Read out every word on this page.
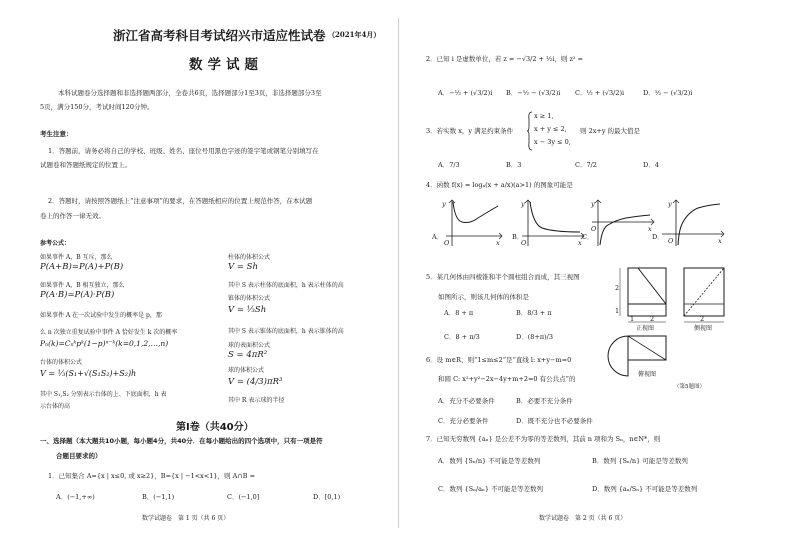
浙江省高考科目考试绍兴市适应性试卷 （2021年4月）
数学试题
本科试题卷分选择题和非选择题两部分，全卷共6页，选择题部分1至3页，非选择题部分3至
5页，满分150分，考试时间120分钟。
考生注意：
1．答题前，请务必将自己的学校、班级、姓名、座位号用黑色字迹的签字笔或钢笔分别填写在
试题卷和答题纸规定的位置上。
2．答题时，请按照答题纸上“注意事项”的要求，在答题纸相应的位置上规范作答，在本试题
卷上的作答一律无效。
参考公式：
如果事件 A，B 互斥，那么
P(A+B)=P(A)+P(B)
如果事件 A，B 相互独立，那么
P(A·B)=P(A)·P(B)
如果事件 A 在一次试验中发生的概率是 p，那
么 n 次独立重复试验中事件 A 恰好发生 k 次的概率
Pₙ(k)=Cₙᵏpᵏ(1−p)ⁿ⁻ᵏ(k=0,1,2,…,n)
台体的体积公式
V = ⅓(S₁+√(S₁S₂)+S₂)h
其中 S₁,S₂ 分别表示台体的上、下底面积，h 表
示台体的高
柱体的体积公式
V = Sh
其中 S 表示柱体的底面积，h 表示柱体的高
锥体的体积公式
V = ⅓Sh
其中 S 表示锥体的底面积，h 表示锥体的高
球的表面积公式
S = 4πR²
球的体积公式
V = (4/3)πR³
其中 R 表示球的半径
第Ⅰ卷（共40分）
一、选择题（本大题共10小题，每小题4分，共40分．在每小题给出的四个选项中，只有一项是符
合题目要求的）
1．已知集合 A={x | x≤0, 或 x≥2}，B={x | −1<x<1}，则 A∩B =
A．(−1,+∞)	B．(−1,1)	C．(−1,0]	D．[0,1)
数学试题卷　第 1 页（共 6 页）
2．已知 i 是虚数单位，若 z = −√3/2 + ½i，则 z² =
A．−½ + (√3/2)i B．−½ − (√3/2)i C．½ + (√3/2)i	D．½ − (√3/2)i
3．若实数 x，y 满足约束条件
x ≥ 1,
x + y ≤ 2,
x − 3y ≤ 0,
则 2x+y 的最大值是
A．7/3	B．3	C．7/2	D．4
4．函数 f(x) = logₐ(x + a/x)(a>1) 的图象可能是
y
x
O
A．
y
x
O
B．
y
x
O
C．
y
x
O
D．
5．某几何体由四棱锥和半个圆柱组合而成，其三视图
如图所示，则该几何体的体积是
A．8 + π	B．8/3 + π
C．8 + π/3	D．(8+π)/3
2
1
1 2
正视图
2
侧视图
俯视图
（第5题图）
6．设 m∈R，则“1≤m≤2”是“直线 l: x+y−m=0
和圆 C: x²+y²−2x−4y+m+2=0 有公共点”的
A．充分不必要条件	B．必要不充分条件
C．充分必要条件	D．既不充分也不必要条件
7．已知无穷数列 {aₙ} 是公差不为零的等差数列，其前 n 项和为 Sₙ，n∈N*，则
A．数列 {Sₙ/n} 不可能是等差数列	B．数列 {Sₙ/n} 可能是等差数列
C．数列 {Sₙ/aₙ} 不可能是等差数列	D．数列 {aₙ/Sₙ} 不可能是等差数列
数学试题卷　第 2 页（共 6 页）
